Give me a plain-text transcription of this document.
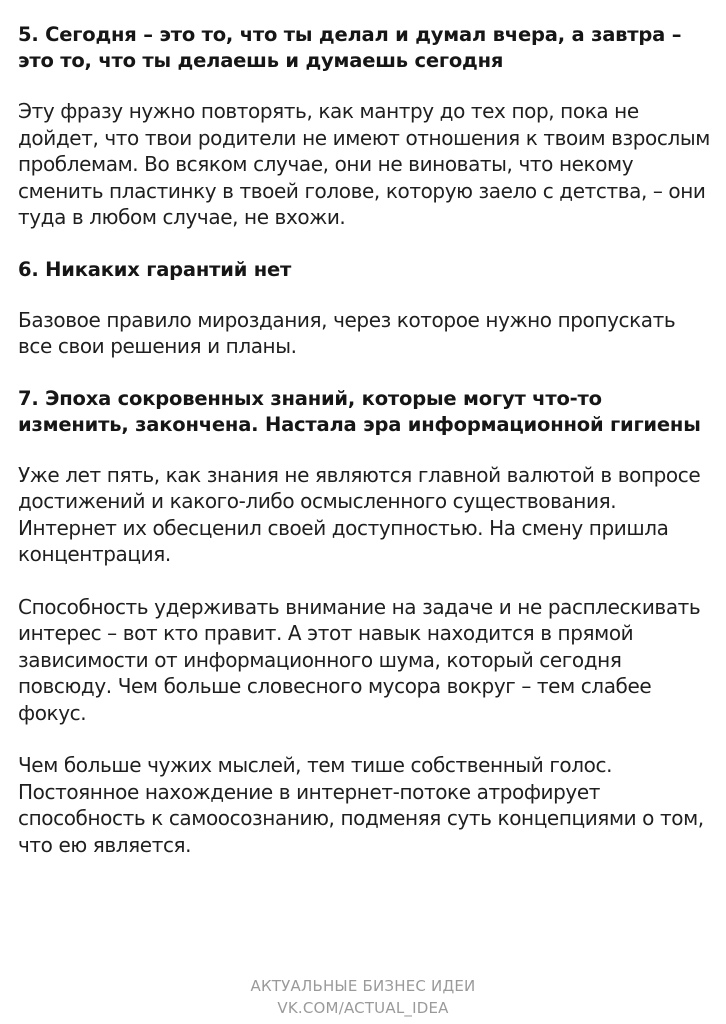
5. Сегодня – это то, что ты делал и думал вчера, а завтра – это то, что ты делаешь и думаешь сегодня

Эту фразу нужно повторять, как мантру до тех пор, пока не дойдет, что твои родители не имеют отношения к твоим взрослым проблемам. Во всяком случае, они не виноваты, что некому сменить пластинку в твоей голове, которую заело с детства, – они туда в любом случае, не вхожи.

6. Никаких гарантий нет

Базовое правило мироздания, через которое нужно пропускать все свои решения и планы.

7. Эпоха сокровенных знаний, которые могут что-то изменить, закончена. Настала эра информационной гигиены

Уже лет пять, как знания не являются главной валютой в вопросе достижений и какого-либо осмысленного существования. Интернет их обесценил своей доступностью. На смену пришла концентрация.

Способность удерживать внимание на задаче и не расплескивать интерес – вот кто правит. А этот навык находится в прямой зависимости от информационного шума, который сегодня повсюду. Чем больше словесного мусора вокруг – тем слабее фокус.

Чем больше чужих мыслей, тем тише собственный голос. Постоянное нахождение в интернет-потоке атрофирует способность к самоосознанию, подменяя суть концепциями о том, что ею является.

АКТУАЛЬНЫЕ БИЗНЕС ИДЕИ
VK.COM/ACTUAL_IDEA
